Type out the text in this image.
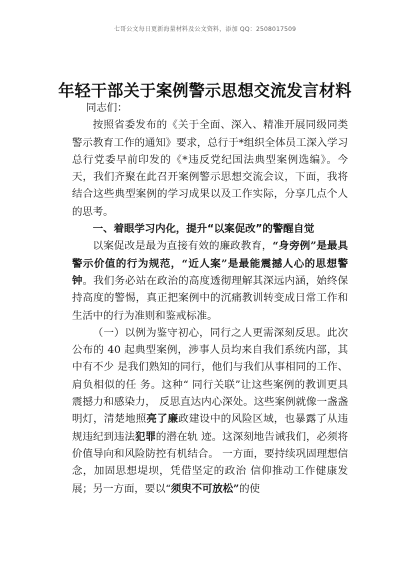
七哥公文每日更新海量材料及公文资料，添加 QQ：2508017509
年轻干部关于案例警示思想交流发言材料

同志们：

按照省委发布的《关于全面、深入、精准开展同级同类警示教育工作的通知》要求，总行于*组织全体员工深入学习总行党委早前印发的《*违反党纪国法典型案例选编》。今天，我们齐聚在此召开案例警示思想交流会议，下面，我将结合这些典型案例的学习成果以及工作实际，分享几点个人的思考。

一、着眼学习内化，提升“以案促改”的警醒自觉

以案促改是最为直接有效的廉政教育，“身旁例”是最具警示价值的行为规范，“近人案”是最能震撼人心的思想警钟。我们务必站在政治的高度透彻理解其深远内涵，始终保持高度的警惕，真正把案例中的沉痛教训转变成日常工作和生活中的行为准则和鉴戒标准。

（一）以例为鉴守初心，同行之人更需深刻反思。此次公布的 40 起典型案例，涉事人员均来自我们系统内部，其中有不少 是我们熟知的同行，他们与我们从事相同的工作、肩负相似的任 务。这种“ 同行关联”让这些案例的教训更具震撼力和感染力， 反思直达内心深处。这些案例就像一盏盏明灯，清楚地照亮了廉政建设中的风险区域，也暴露了从违规违纪到违法犯罪的潜在轨 迹。这深刻地告诫我们，必须将价值导向和风险防控有机结合。 一方面，要持续巩固理想信念，加固思想堤坝，凭借坚定的政治 信仰推动工作健康发展；另一方面，要以“须臾不可放松”的使
